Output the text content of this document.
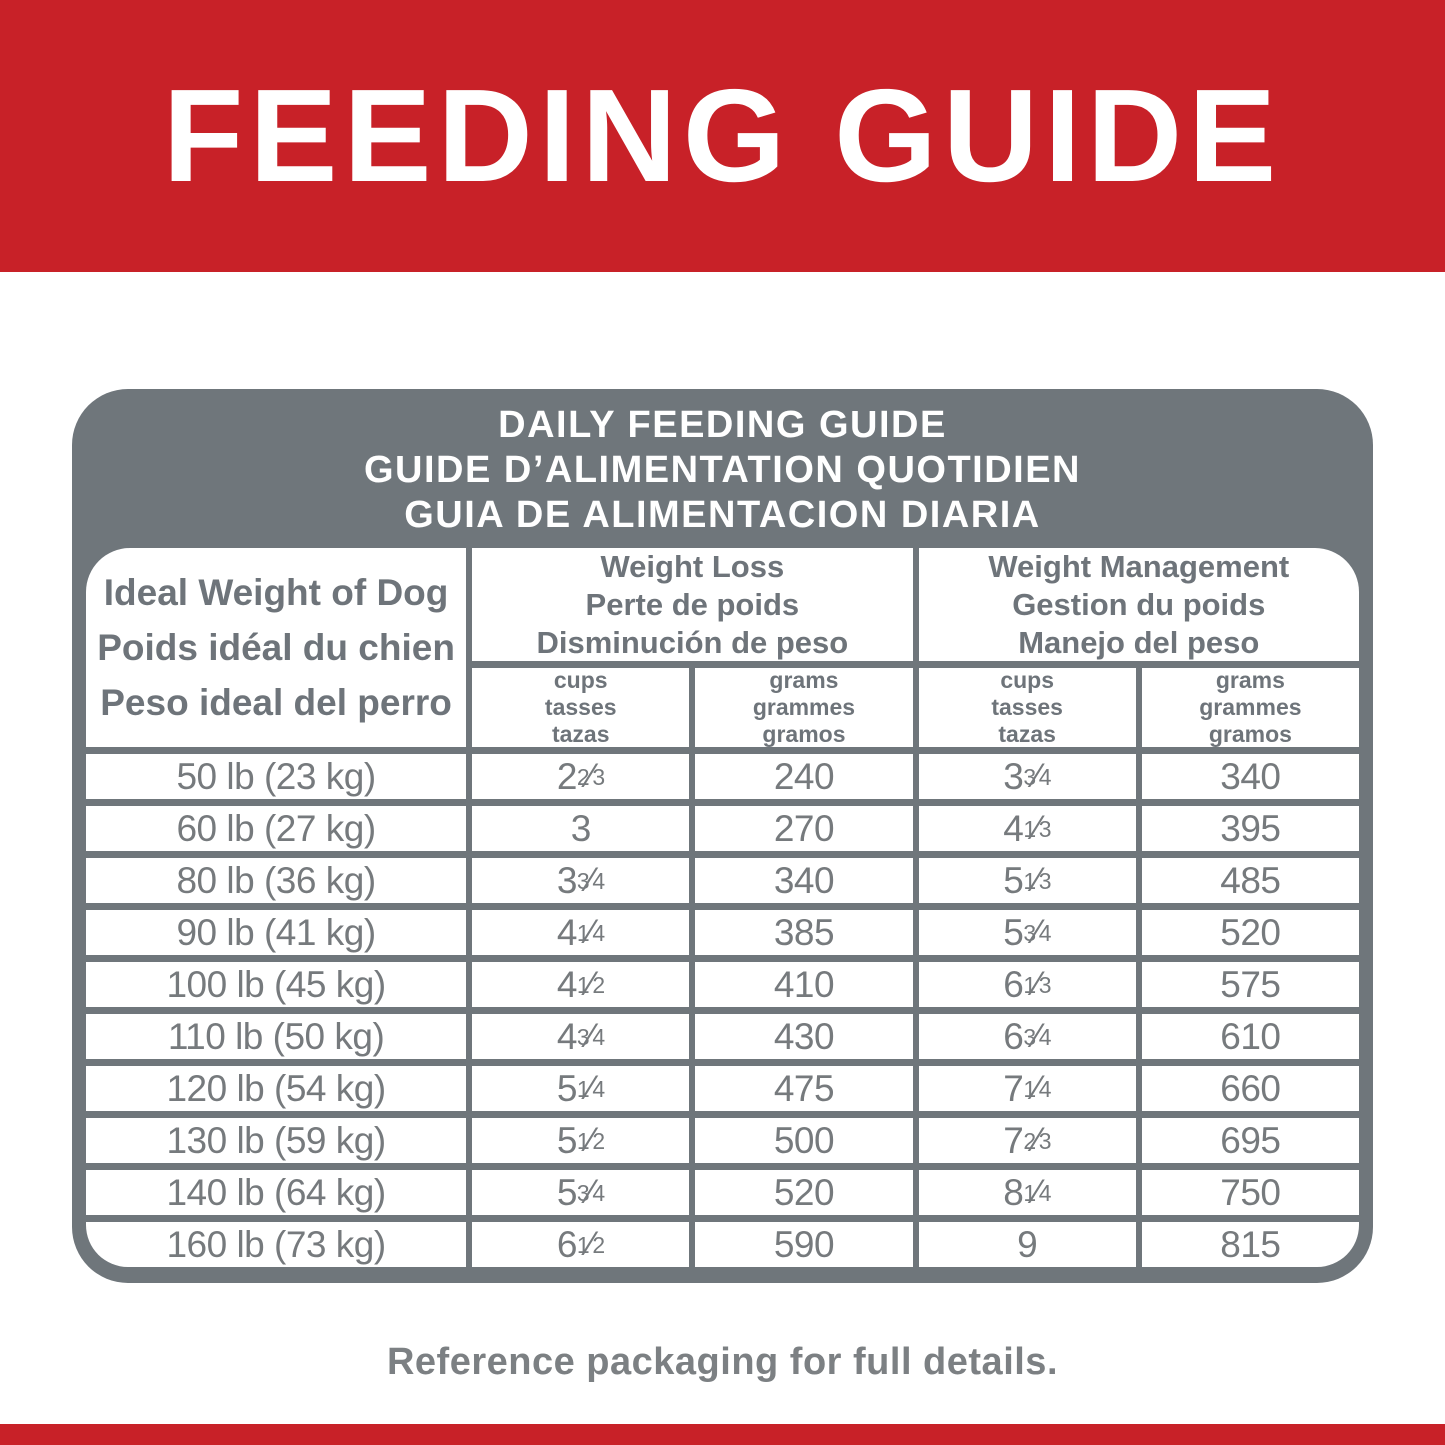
FEEDING GUIDE
DAILY FEEDING GUIDE
GUIDE D’ALIMENTATION QUOTIDIEN
GUIA DE ALIMENTACION DIARIA
Ideal Weight of Dog
Poids idéal du chien
Peso ideal del perro
Weight Loss
Perte de poids
Disminución de peso
Weight Management
Gestion du poids
Manejo del peso
cups
tasses
tazas
grams
grammes
gramos
cups
tasses
tazas
grams
grammes
gramos
50 lb (23 kg)	2 2 ⁄ 3	240	3 3 ⁄ 4	340
60 lb (27 kg)	3	270	4 1 ⁄ 3	395
80 lb (36 kg)	3 3 ⁄ 4	340	5 1 ⁄ 3	485
90 lb (41 kg)	4 1 ⁄ 4	385	5 3 ⁄ 4	520
100 lb (45 kg)	4 1 ⁄ 2	410	6 1 ⁄ 3	575
110 lb (50 kg)	4 3 ⁄ 4	430	6 3 ⁄ 4	610
120 lb (54 kg)	5 1 ⁄ 4	475	7 1 ⁄ 4	660
130 lb (59 kg)	5 1 ⁄ 2	500	7 2 ⁄ 3	695
140 lb (64 kg)	5 3 ⁄ 4	520	8 1 ⁄ 4	750
160 lb (73 kg)	6 1 ⁄ 2	590	9	815
Reference packaging for full details.
